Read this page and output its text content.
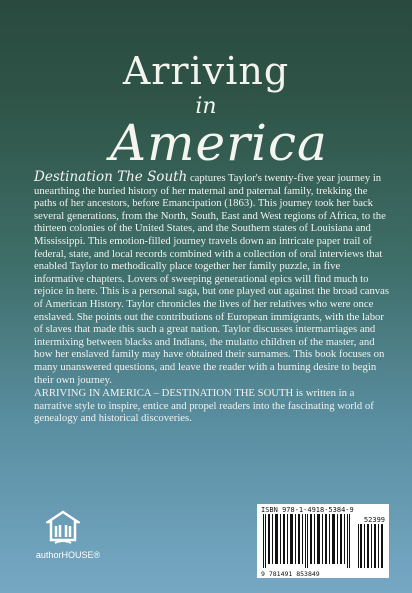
Arriving
in
America
Destination The South captures Taylor's twenty-five year journey in unearthing the buried history of her maternal and paternal family, trekking the paths of her ancestors, before Emancipation (1863). This journey took her back several generations, from the North, South, East and West regions of Africa, to the thirteen colonies of the United States, and the Southern states of Louisiana and Mississippi. This emotion-filled journey travels down an intricate paper trail of federal, state, and local records combined with a collection of oral interviews that enabled Taylor to methodically place together her family puzzle, in five informative chapters. Lovers of sweeping generational epics will find much to rejoice in here. This is a personal saga, but one played out against the broad canvas of American History. Taylor chronicles the lives of her relatives who were once enslaved. She points out the contributions of European immigrants, with the labor of slaves that made this such a great nation. Taylor discusses intermarriages and intermixing between blacks and Indians, the mulatto children of the master, and how her enslaved family may have obtained their surnames. This book focuses on many unanswered questions, and leave the reader with a burning desire to begin their own journey.
ARRIVING IN AMERICA – DESTINATION THE SOUTH is written in a narrative style to inspire, entice and propel readers into the fascinating world of genealogy and historical discoveries.
authorHOUSE®
ISBN 978-1-4918-5384-9
52399
9 781491 853849
